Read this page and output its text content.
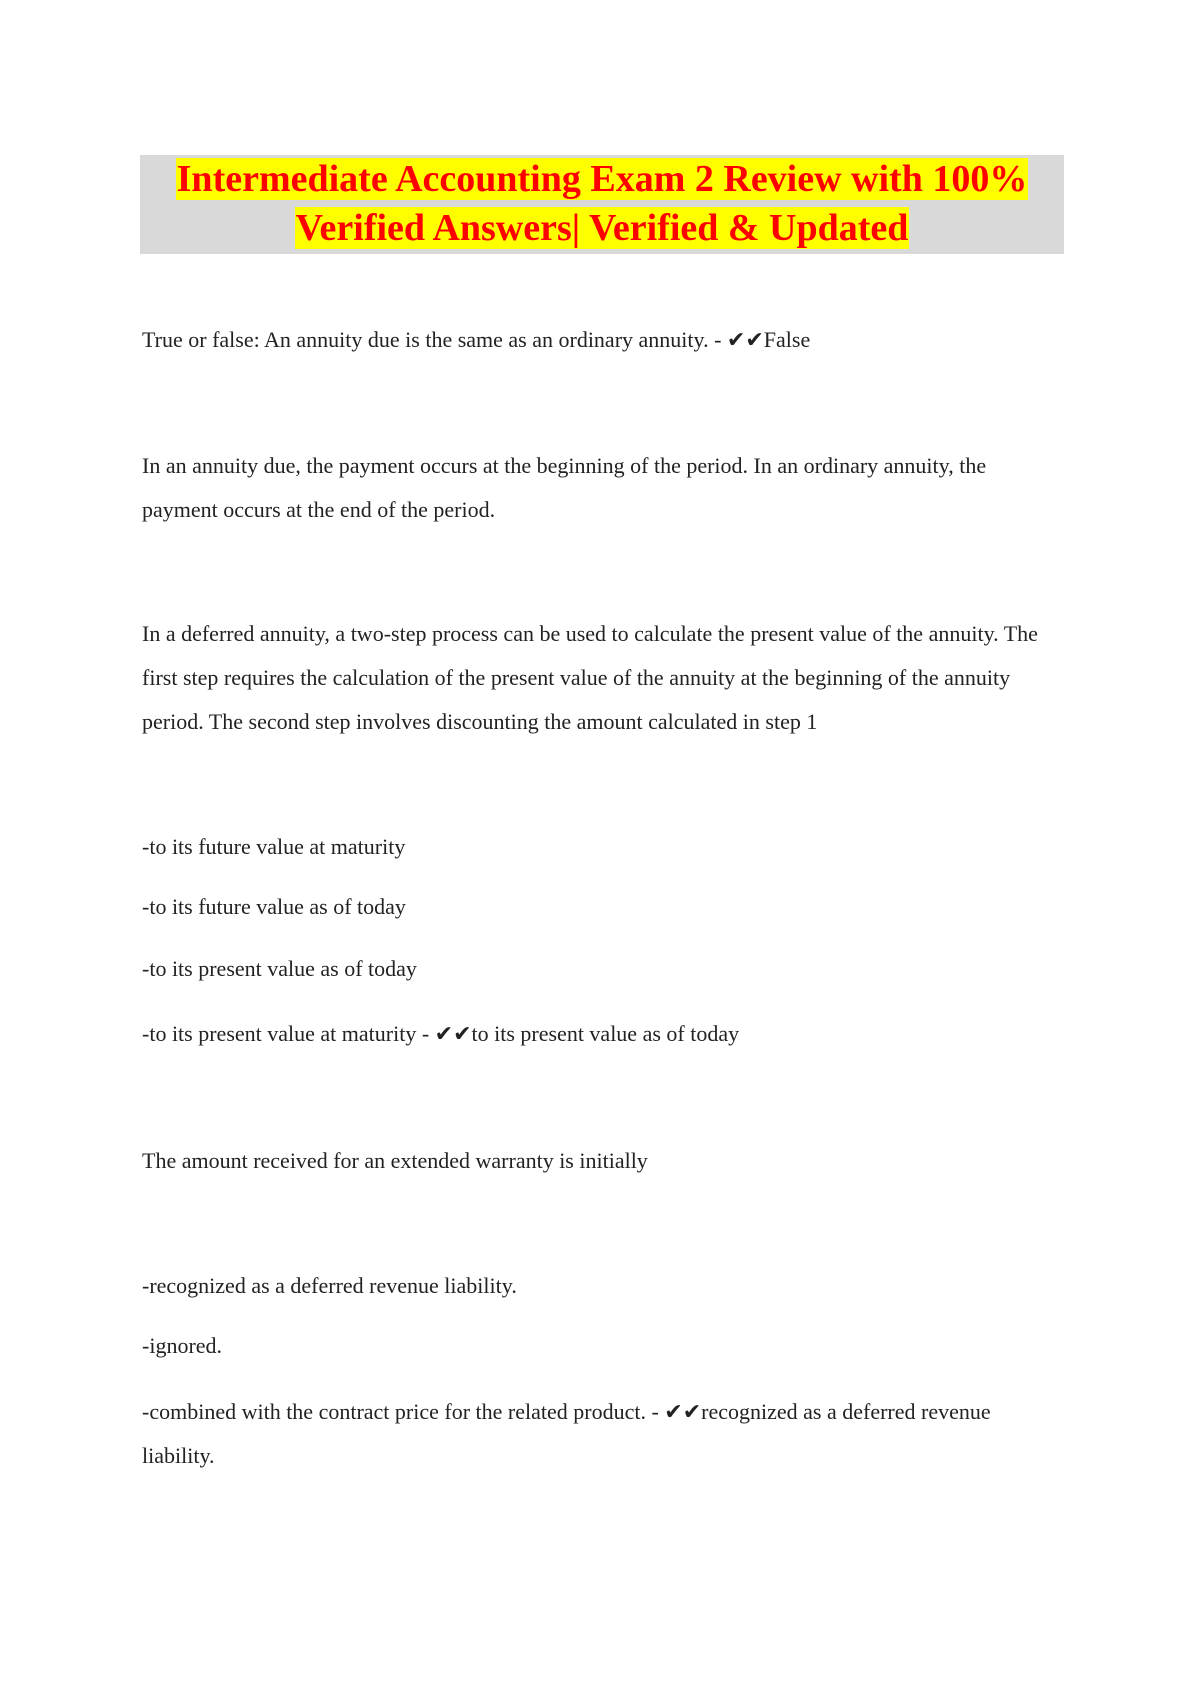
Intermediate Accounting Exam 2 Review with 100%
Verified Answers| Verified & Updated

True or false: An annuity due is the same as an ordinary annuity. - ✔✔False

In an annuity due, the payment occurs at the beginning of the period. In an ordinary annuity, the payment occurs at the end of the period.

In a deferred annuity, a two-step process can be used to calculate the present value of the annuity. The first step requires the calculation of the present value of the annuity at the beginning of the annuity period. The second step involves discounting the amount calculated in step 1

-to its future value at maturity

-to its future value as of today

-to its present value as of today

-to its present value at maturity - ✔✔to its present value as of today

The amount received for an extended warranty is initially

-recognized as a deferred revenue liability.

-ignored.

-combined with the contract price for the related product. - ✔✔recognized as a deferred revenue liability.
